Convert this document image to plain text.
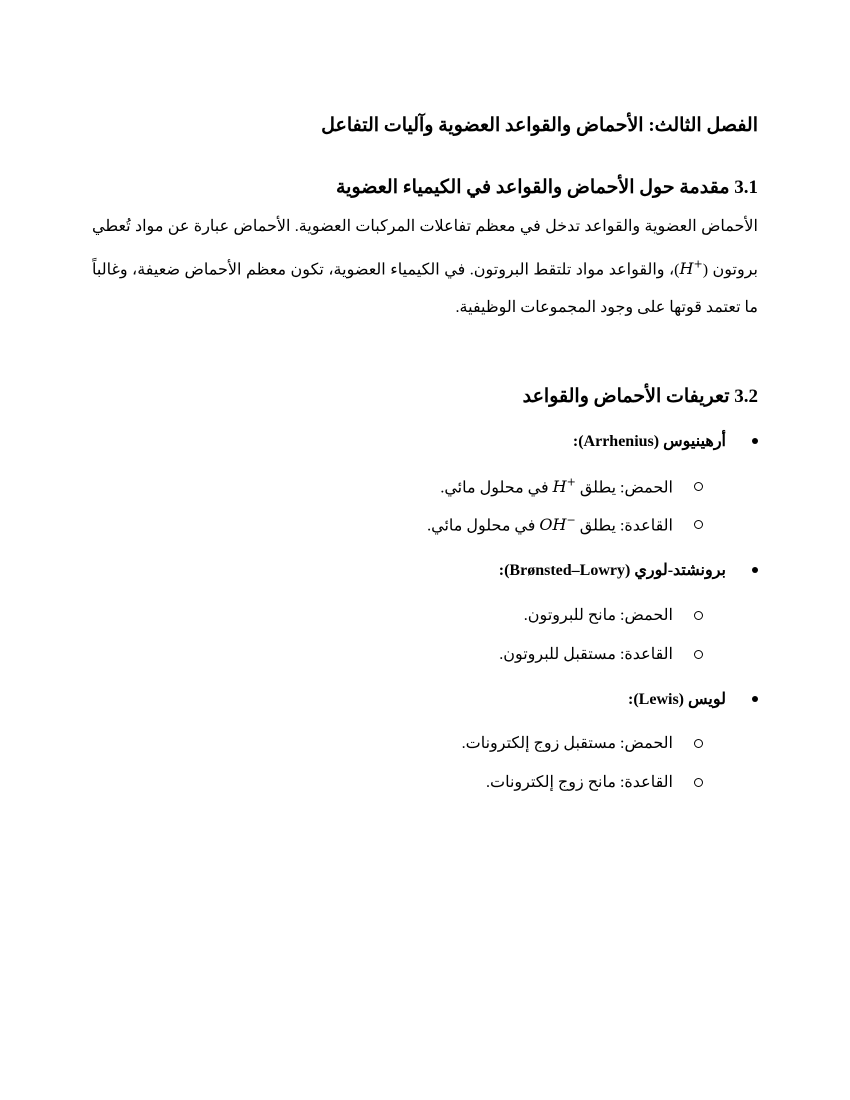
الفصل الثالث: الأحماض والقواعد العضوية وآليات التفاعل
3.1 مقدمة حول الأحماض والقواعد في الكيمياء العضوية

الأحماض العضوية والقواعد تدخل في معظم تفاعلات المركبات العضوية. الأحماض عبارة عن مواد تُعطي بروتون (H+)، والقواعد مواد تلتقط البروتون. في الكيمياء العضوية، تكون معظم الأحماض ضعيفة، وغالباً ما تعتمد قوتها على وجود المجموعات الوظيفية.

3.2 تعريفات الأحماض والقواعد
أرهينيوس (Arrhenius):
الحمض: يطلق H+ في محلول مائي.
القاعدة: يطلق OH− في محلول مائي.
برونشتد-لوري (Brønsted–Lowry):
الحمض: مانح للبروتون.
القاعدة: مستقبل للبروتون.
لويس (Lewis):
الحمض: مستقبل زوج إلكترونات.
القاعدة: مانح زوج إلكترونات.
